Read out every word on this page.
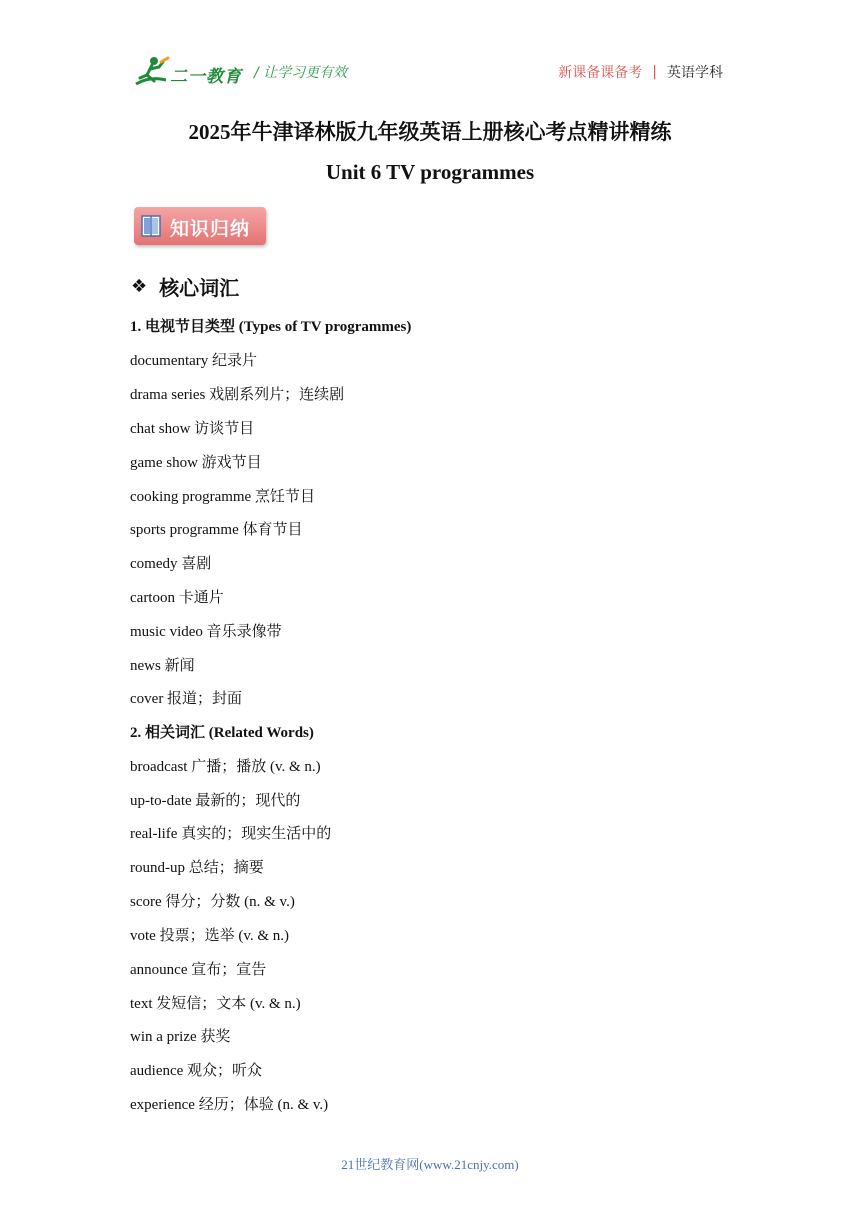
二一教育 / 让学习更有效	新课备课备考 | 英语学科
2025年牛津译林版九年级英语上册核心考点精讲精练
Unit 6 TV programmes
知识归纳
❖ 核心词汇
1. 电视节目类型 (Types of TV programmes)
documentary 纪录片
drama series 戏剧系列片；连续剧
chat show 访谈节目
game show 游戏节目
cooking programme 烹饪节目
sports programme 体育节目
comedy 喜剧
cartoon 卡通片
music video 音乐录像带
news 新闻
cover 报道；封面
2. 相关词汇 (Related Words)
broadcast 广播；播放 (v. & n.)
up-to-date 最新的；现代的
real-life 真实的；现实生活中的
round-up 总结；摘要
score 得分；分数 (n. & v.)
vote 投票；选举 (v. & n.)
announce 宣布；宣告
text 发短信；文本 (v. & n.)
win a prize 获奖
audience 观众；听众
experience 经历；体验 (n. & v.)
21世纪教育网(www.21cnjy.com)
